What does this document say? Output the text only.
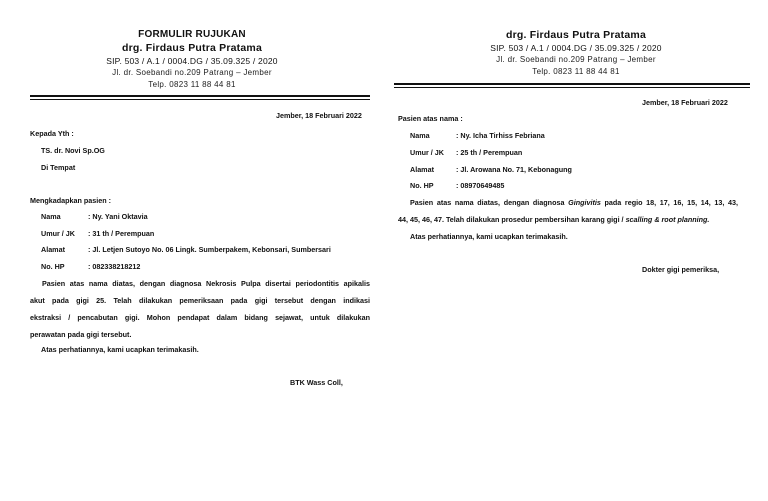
FORMULIR RUJUKAN
drg. Firdaus Putra Pratama
SIP. 503 / A.1 / 0004.DG / 35.09.325 / 2020
Jl. dr. Soebandi no.209 Patrang – Jember
Telp. 0823 11 88 44 81
Jember, 18 Februari 2022
Kepada Yth :
TS. dr. Novi Sp.OG
Di Tempat
Mengkadapkan pasien :
Nama	: Ny. Yani Oktavia
Umur / JK : 31 th / Perempuan
Alamat	: Jl. Letjen Sutoyo No. 06 Lingk. Sumberpakem, Kebonsari, Sumbersari
No. HP	: 082338218212
Pasien atas nama diatas, dengan diagnosa Nekrosis Pulpa disertai periodontitis apikalis
akut pada gigi 25. Telah dilakukan pemeriksaan pada gigi tersebut dengan indikasi
ekstraksi / pencabutan gigi. Mohon pendapat dalam bidang sejawat, untuk dilakukan
perawatan pada gigi tersebut.
Atas perhatiannya, kami ucapkan terimakasih.
BTK Wass Coll,
drg. Firdaus Putra Pratama
SIP. 503 / A.1 / 0004.DG / 35.09.325 / 2020
Jl. dr. Soebandi no.209 Patrang – Jember
Telp. 0823 11 88 44 81
Jember, 18 Februari 2022
Pasien atas nama :
Nama	: Ny. Icha Tirhiss Febriana
Umur / JK : 25 th / Perempuan
Alamat	: Jl. Arowana No. 71, Kebonagung
No. HP	: 08970649485
Pasien atas nama diatas, dengan diagnosa Gingivitis pada regio 18, 17, 16, 15, 14, 13, 43,
44, 45, 46, 47. Telah dilakukan prosedur pembersihan karang gigi / scalling & root planning.
Atas perhatiannya, kami ucapkan terimakasih.
Dokter gigi pemeriksa,
